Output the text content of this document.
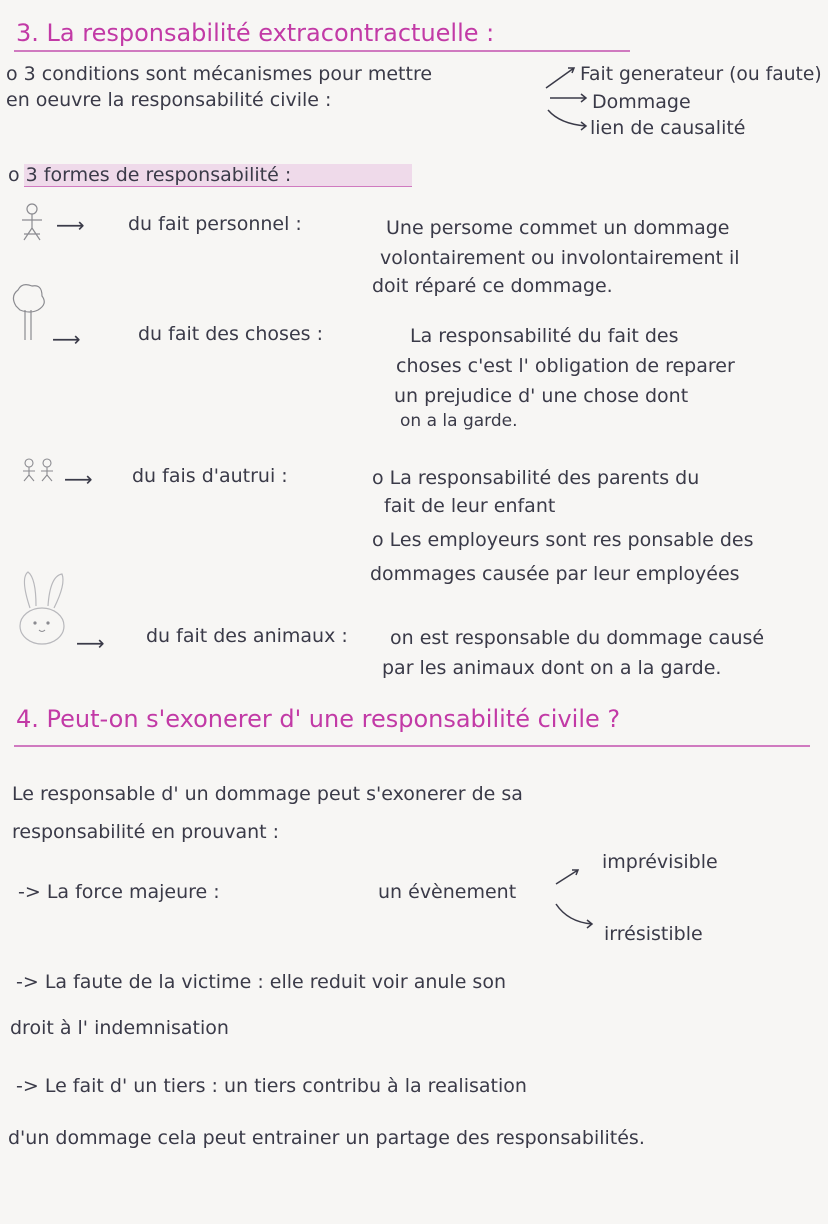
3. La responsabilité extracontractuelle :
o 3 conditions sont mécanismes pour mettre
en oeuvre la responsabilité civile :
Fait generateur (ou faute)
Dommage
lien de causalité
o 3 formes de responsabilité :
⟶ du fait personnel :	Une persome commet un dommage
volontairement ou involontairement il
doit réparé ce dommage.
⟶	du fait des choses :	La responsabilité du fait des
choses c'est l' obligation de reparer
un prejudice d' une chose dont
on a la garde.
⟶ du fais d'autrui :	o La responsabilité des parents du
fait de leur enfant
o Les employeurs sont res ponsable des
dommages causée par leur employées
⟶ du fait des animaux : on est responsable du dommage causé
par les animaux dont on a la garde.
4. Peut-on s'exonerer d' une responsabilité civile ?
Le responsable d' un dommage peut s'exonerer de sa
responsabilité en prouvant :
-> La force majeure :	un évènement
imprévisible
irrésistible
-> La faute de la victime : elle reduit voir anule son
droit à l' indemnisation
-> Le fait d' un tiers : un tiers contribu à la realisation
d'un dommage cela peut entrainer un partage des responsabilités.
